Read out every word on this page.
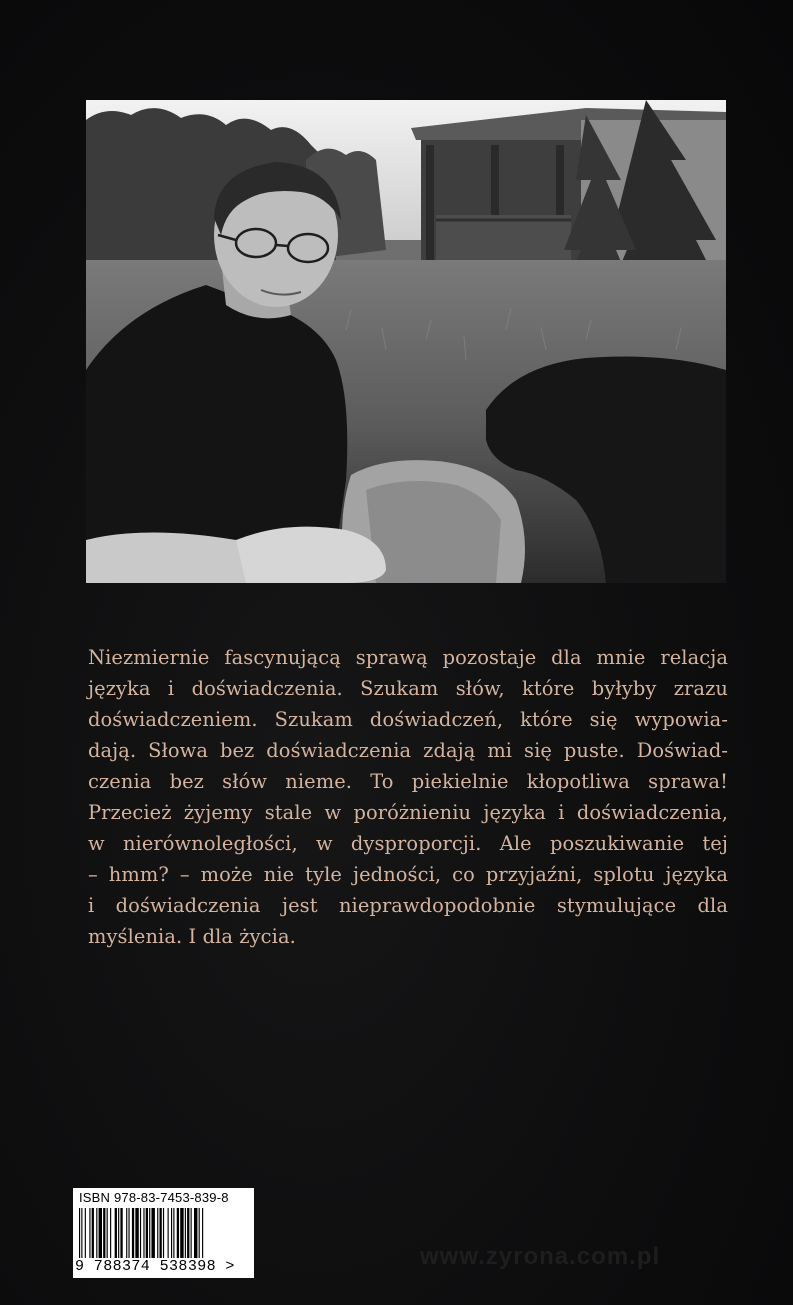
Niezmiernie fascynującą sprawą pozostaje dla mnie relacja
języka i doświadczenia. Szukam słów, które byłyby zrazu
doświadczeniem. Szukam doświadczeń, które się wypowia-
dają. Słowa bez doświadczenia zdają mi się puste. Doświad-
czenia bez słów nieme. To piekielnie kłopotliwa sprawa!
Przecież żyjemy stale w poróżnieniu języka i doświadczenia,
w nierównoległości, w dysproporcji. Ale poszukiwanie tej
– hmm? – może nie tyle jedności, co przyjaźni, splotu języka
i doświadczenia jest nieprawdopodobnie stymulujące dla
myślenia. I dla życia.

ISBN 978-83-7453-839-8
9 788374 538398 >	www.zyrona.com.pl
